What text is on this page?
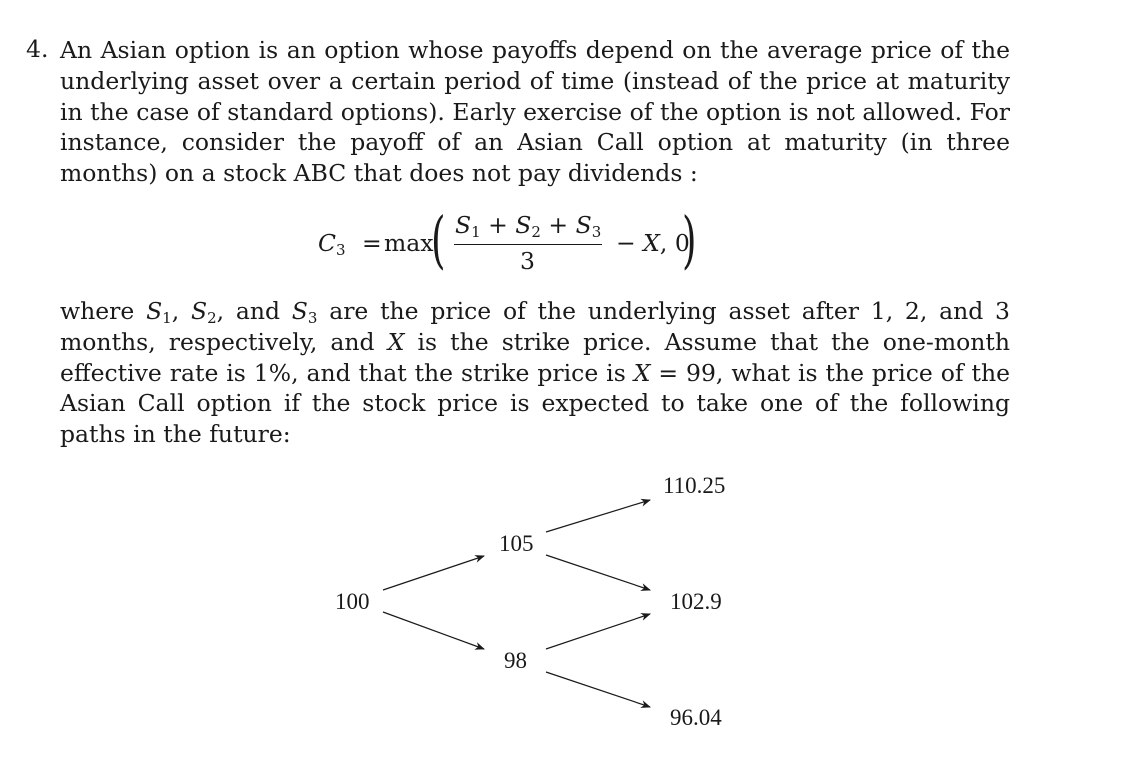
4. An Asian option is an option whose payoffs depend on the average price of the underlying asset over a certain period of time (instead of the price at maturity in the case of standard options). Early exercise of the option is not allowed. For instance, consider the payoff of an Asian Call option at maturity (in three months) on a stock ABC that does not pay dividends :

$C_3 = \max$
( $S_1 + S_2 + S_3$
3
− X, 0
)

where $S_1$, $S_2$, and $S_3$ are the price of the underlying asset after 1, 2, and 3 months, respectively, and X is the strike price. Assume that the one-month effective rate is 1%, and that the strike price is X = 99, what is the price of the Asian Call option if the stock price is expected to take one of the following paths in the future:

100
105
98
110.25
102.9
96.04
